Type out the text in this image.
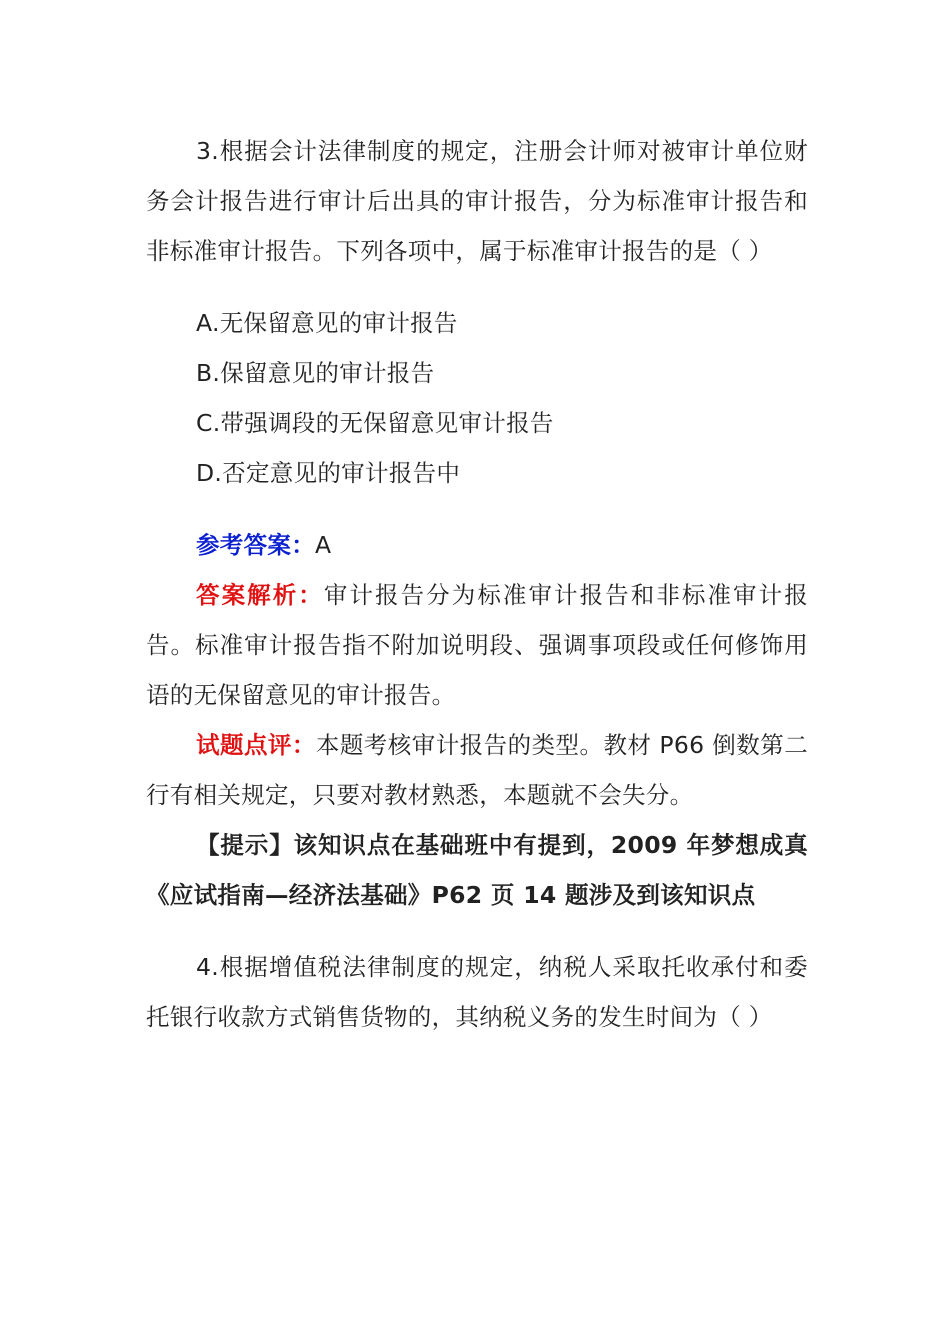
3.根据会计法律制度的规定，注册会计师对被审计单位财务会计报告进行审计后出具的审计报告，分为标准审计报告和非标准审计报告。下列各项中，属于标准审计报告的是（ ）

A.无保留意见的审计报告

B.保留意见的审计报告

C.带强调段的无保留意见审计报告

D.否定意见的审计报告中

参考答案：A

答案解析：审计报告分为标准审计报告和非标准审计报告。标准审计报告指不附加说明段、强调事项段或任何修饰用语的无保留意见的审计报告。

试题点评：本题考核审计报告的类型。教材 P66 倒数第二行有相关规定，只要对教材熟悉，本题就不会失分。

【提示】该知识点在基础班中有提到，2009 年梦想成真《应试指南—经济法基础》P62 页 14 题涉及到该知识点

4.根据增值税法律制度的规定，纳税人采取托收承付和委托银行收款方式销售货物的，其纳税义务的发生时间为（ ）
